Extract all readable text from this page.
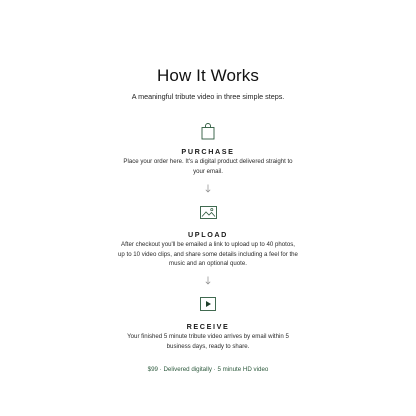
How It Works

A meaningful tribute video in three simple steps.

PURCHASE

Place your order here. It's a digital product delivered straight to your email.

UPLOAD

After checkout you'll be emailed a link to upload up to 40 photos, up to 10 video clips, and share some details including a feel for the music and an optional quote.

RECEIVE

Your finished 5 minute tribute video arrives by email within 5 business days, ready to share.

$99 · Delivered digitally · 5 minute HD video
